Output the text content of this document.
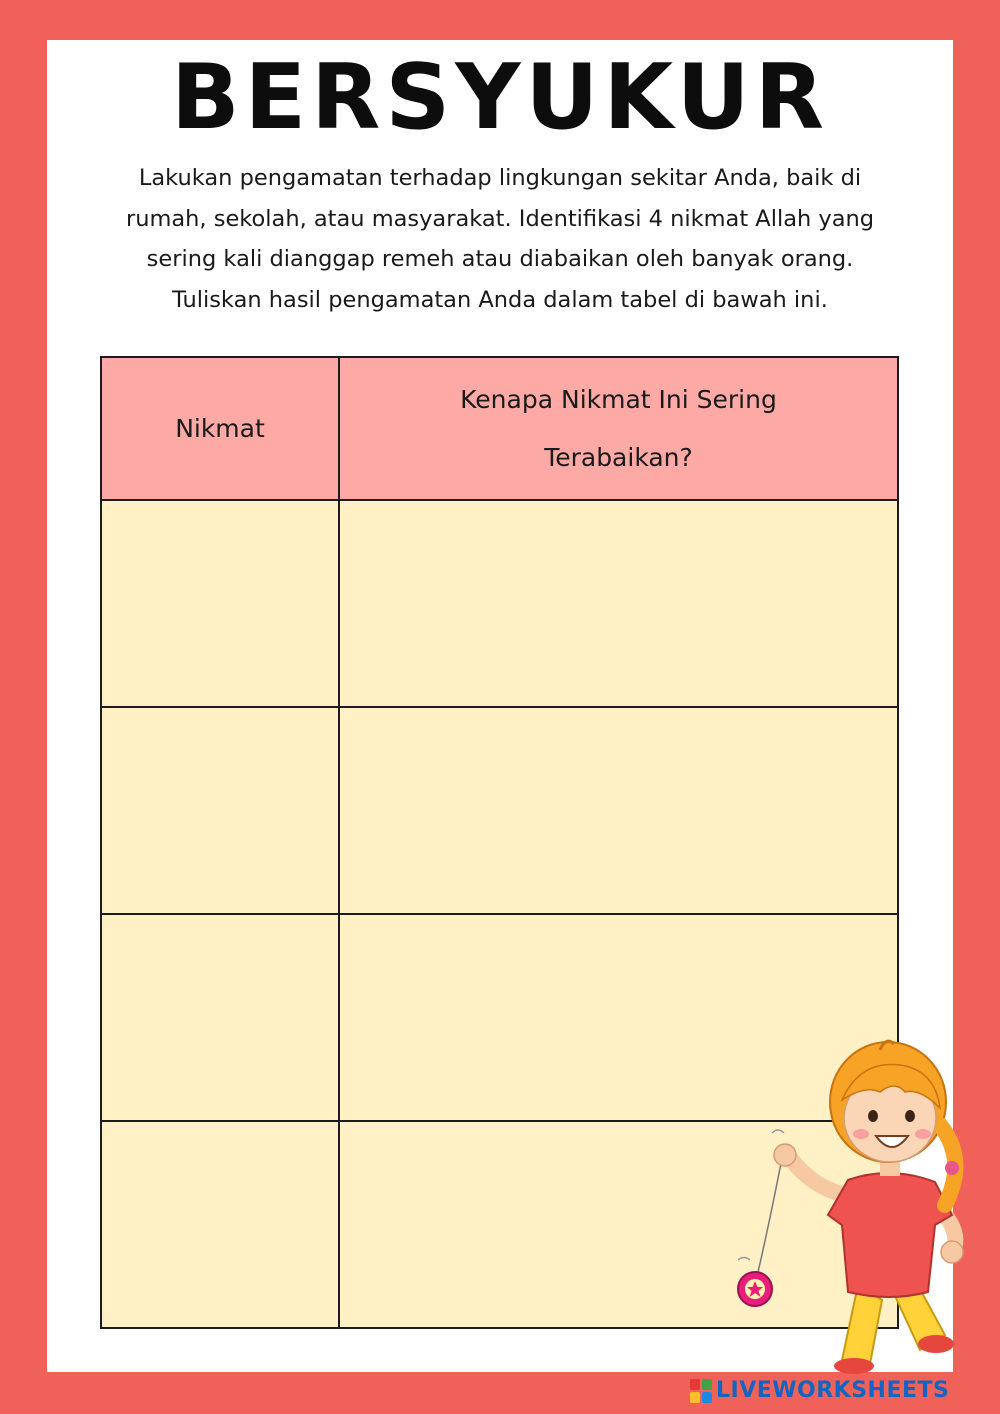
BERSYUKUR
Lakukan pengamatan terhadap lingkungan sekitar Anda, baik di rumah, sekolah, atau masyarakat. Identifikasi 4 nikmat Allah yang sering kali dianggap remeh atau diabaikan oleh banyak orang. Tuliskan hasil pengamatan Anda dalam tabel di bawah ini.
Nikmat	Kenapa Nikmat Ini Sering Terabaikan?

LIVEWORKSHEETS
